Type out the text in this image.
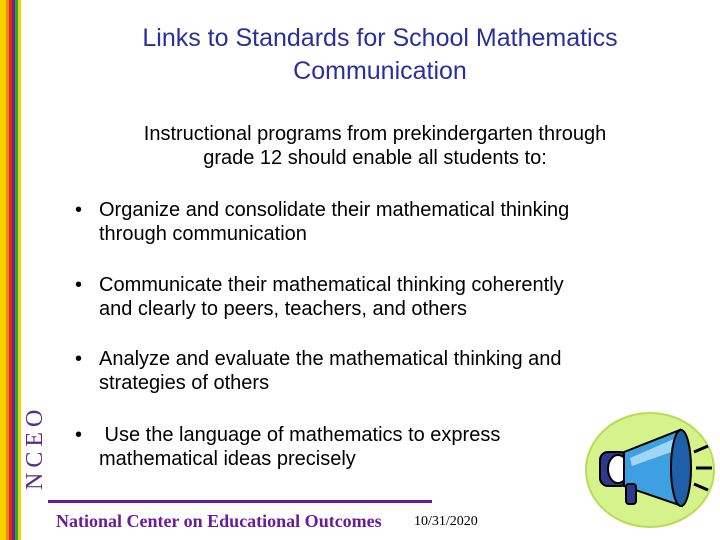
NCEO
Links to Standards for School Mathematics
Communication
Instructional programs from prekindergarten through
grade 12 should enable all students to:
• Organize and consolidate their mathematical thinking
through communication
• Communicate their mathematical thinking coherently
and clearly to peers, teachers, and others
• Analyze and evaluate the mathematical thinking and
strategies of others
• Use the language of mathematics to express
mathematical ideas precisely
National Center on Educational Outcomes 10/31/2020
